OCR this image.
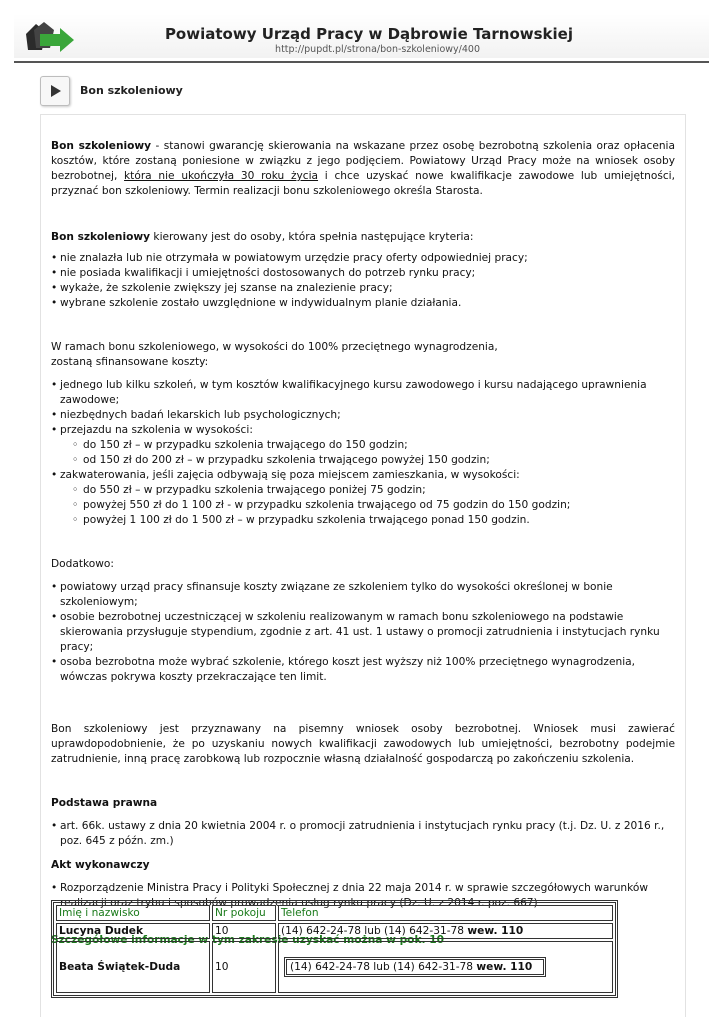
Powiatowy Urząd Pracy w Dąbrowie Tarnowskiej
http://pupdt.pl/strona/bon-szkoleniowy/400
Bon szkoleniowy

Bon szkoleniowy - stanowi gwarancję skierowania na wskazane przez osobę bezrobotną szkolenia oraz opłacenia kosztów, które zostaną poniesione w związku z jego podjęciem. Powiatowy Urząd Pracy może na wniosek osoby bezrobotnej, która nie ukończyła 30 roku życia i chce uzyskać nowe kwalifikacje zawodowe lub umiejętności, przyznać bon szkoleniowy. Termin realizacji bonu szkoleniowego określa Starosta.

Bon szkoleniowy kierowany jest do osoby, która spełnia następujące kryteria:

• nie znalazła lub nie otrzymała w powiatowym urzędzie pracy oferty odpowiedniej pracy;
• nie posiada kwalifikacji i umiejętności dostosowanych do potrzeb rynku pracy;
• wykaże, że szkolenie zwiększy jej szanse na znalezienie pracy;
• wybrane szkolenie zostało uwzględnione w indywidualnym planie działania.

W ramach bonu szkoleniowego, w wysokości do 100% przeciętnego wynagrodzenia,

zostaną sfinansowane koszty:

• jednego lub kilku szkoleń, w tym kosztów kwalifikacyjnego kursu zawodowego i kursu nadającego uprawnienia zawodowe;
• niezbędnych badań lekarskich lub psychologicznych;
• przejazdu na szkolenia w wysokości:
◦ do 150 zł – w przypadku szkolenia trwającego do 150 godzin;
◦ od 150 zł do 200 zł – w przypadku szkolenia trwającego powyżej 150 godzin;
• zakwaterowania, jeśli zajęcia odbywają się poza miejscem zamieszkania, w wysokości:
◦ do 550 zł – w przypadku szkolenia trwającego poniżej 75 godzin;
◦ powyżej 550 zł do 1 100 zł - w przypadku szkolenia trwającego od 75 godzin do 150 godzin;
◦ powyżej 1 100 zł do 1 500 zł – w przypadku szkolenia trwającego ponad 150 godzin.

Dodatkowo:

• powiatowy urząd pracy sfinansuje koszty związane ze szkoleniem tylko do wysokości określonej w bonie szkoleniowym;
• osobie bezrobotnej uczestniczącej w szkoleniu realizowanym w ramach bonu szkoleniowego na podstawie skierowania przysługuje stypendium, zgodnie z art. 41 ust. 1 ustawy o promocji zatrudnienia i instytucjach rynku pracy;
• osoba bezrobotna może wybrać szkolenie, którego koszt jest wyższy niż 100% przeciętnego wynagrodzenia, wówczas pokrywa koszty przekraczające ten limit.

Bon szkoleniowy jest przyznawany na pisemny wniosek osoby bezrobotnej. Wniosek musi zawierać uprawdopodobnienie, że po uzyskaniu nowych kwalifikacji zawodowych lub umiejętności, bezrobotny podejmie zatrudnienie, inną pracę zarobkową lub rozpocznie własną działalność gospodarczą po zakończeniu szkolenia.

Podstawa prawna

• art. 66k. ustawy z dnia 20 kwietnia 2004 r. o promocji zatrudnienia i instytucjach rynku pracy (t.j. Dz. U. z 2016 r., poz. 645 z późn. zm.)

Akt wykonawczy

• Rozporządzenie Ministra Pracy i Polityki Społecznej z dnia 22 maja 2014 r. w sprawie szczegółowych warunków realizacji oraz trybu i sposobów prowadzenia usług rynku pracy (Dz. U. z 2014 r. poz. 667)

Szczegółowe informacje w tym zakresie uzyskać można w pok. 10

Imię i nazwisko	Nr pokoju	Telefon
Lucyna Dudek	10	(14) 642-24-78 lub (14) 642-31-78 wew. 110
Beata Świątek-Duda	10	(14) 642-24-78 lub (14) 642-31-78 wew. 110
